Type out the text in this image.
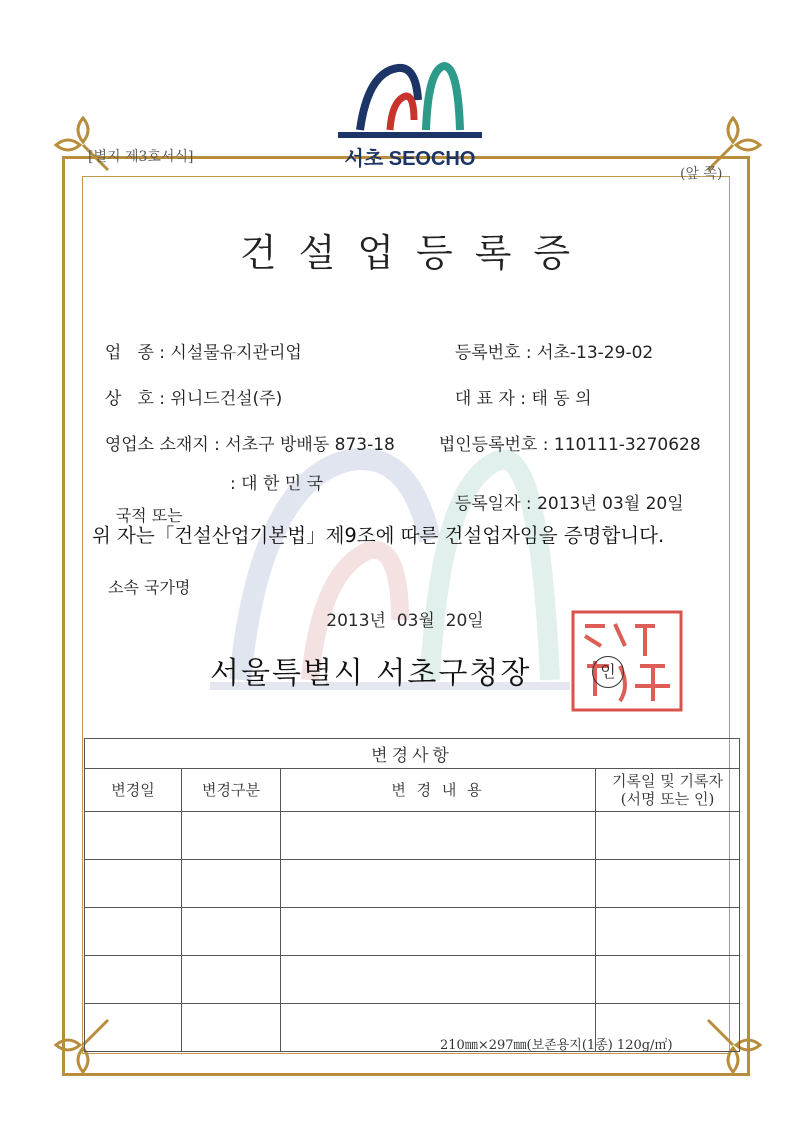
서초 SEOCHO
[별지 제3호서식]
(앞 쪽)
건설업등록증

업   종 : 시설물유지관리업

상   호 : 위니드건설(주)

영업소 소재지 : 서초구 방배동 873-18

국적 또는

소속 국가명

: 대 한 민 국

등록번호 : 서초-13-29-02

대 표 자 : 태 동 의

법인등록번호 : 110111-3270628

등록일자 : 2013년 03월 20일

위 자는「건설산업기본법」제9조에 따른 건설업자임을 증명합니다.
2013년  03월  20일
서울특별시 서초구청장	인
변경사항			
변경일	변경구분	변 경 내 용	기록일 및 기록자
(서명 또는 인)

210㎜×297㎜(보존용지(1종) 120g/㎡)
